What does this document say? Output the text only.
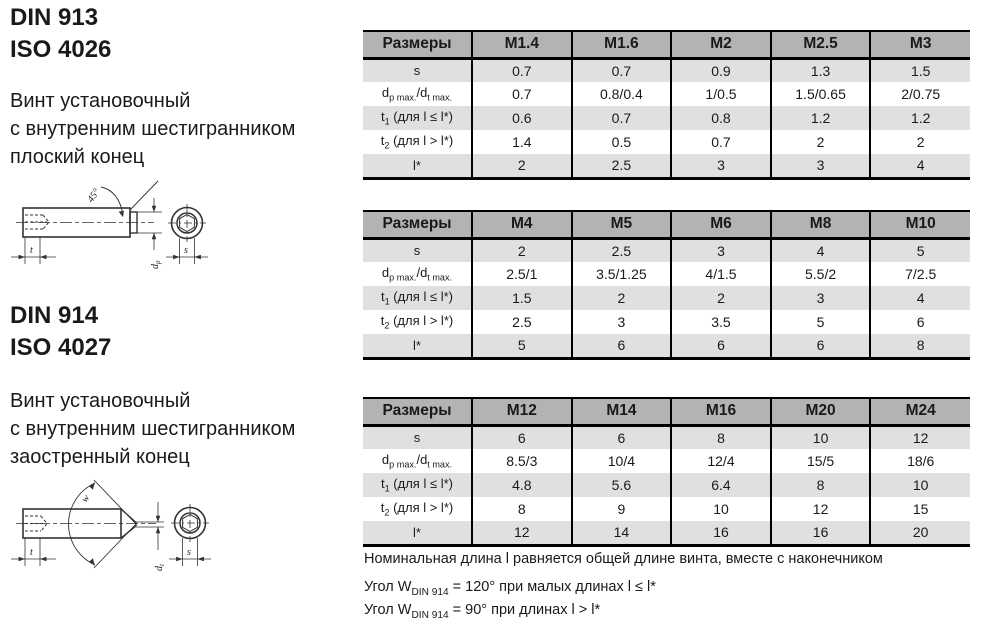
DIN 913
ISO 4026
Винт установочный
с внутренним шестигранником
плоский конец
45°
t
$d_p$
s
DIN 914
ISO 4027
Винт установочный
с внутренним шестигранником
заостренный конец
w
t
$d_t$
s
Размеры	M1.4	M1.6	M2	M2.5	M3
s	0.7	0.7	0.9	1.3	1.5
$d_{p max.}/d_{t max.}$	0.7	0.8/0.4	1/0.5	1.5/0.65	2/0.75
$t_1$ (для l ≤ l*)	0.6	0.7	0.8	1.2	1.2
$t_2$ (для l > l*)	1.4	0.5	0.7	2	2
l*	2	2.5	3	3	4
Размеры	M4	M5	M6	M8	M10
s	2	2.5	3	4	5
$d_{p max.}/d_{t max.}$	2.5/1	3.5/1.25	4/1.5	5.5/2	7/2.5
$t_1$ (для l ≤ l*)	1.5	2	2	3	4
$t_2$ (для l > l*)	2.5	3	3.5	5	6
l*	5	6	6	6	8
Размеры	M12	M14	M16	M20	M24
s	6	6	8	10	12
$d_{p max.}/d_{t max.}$	8.5/3	10/4	12/4	15/5	18/6
$t_1$ (для l ≤ l*)	4.8	5.6	6.4	8	10
$t_2$ (для l > l*)	8	9	10	12	15
l*	12	14	16	16	20
Номинальная длина l равняется общей длине винта, вместе с наконечником
Угол $W_{DIN 914} = 120^\circ$ при малых длинах l ≤ l*
Угол $W_{DIN 914} = 90^\circ$ при длинах l > l*
